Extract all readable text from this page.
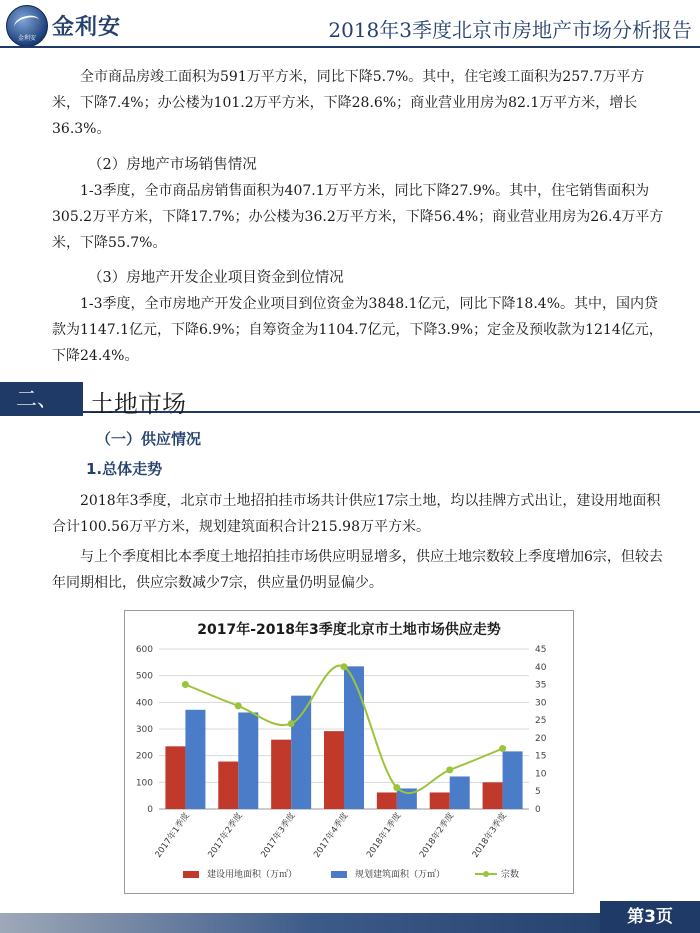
金利安 金利安	2018年3季度北京市房地产市场分析报告
全市商品房竣工面积为591万平方米，同比下降5.7%。其中，住宅竣工面积为257.7万平方米，下降7.4%；办公楼为101.2万平方米，下降28.6%；商业营业用房为82.1万平方米，增长36.3%。
（2）房地产市场销售情况
1-3季度，全市商品房销售面积为407.1万平方米，同比下降27.9%。其中，住宅销售面积为305.2万平方米，下降17.7%；办公楼为36.2万平方米，下降56.4%；商业营业用房为26.4万平方米，下降55.7%。
（3）房地产开发企业项目资金到位情况
1-3季度，全市房地产开发企业项目到位资金为3848.1亿元，同比下降18.4%。其中，国内贷款为1147.1亿元，下降6.9%；自筹资金为1104.7亿元，下降3.9%；定金及预收款为1214亿元，下降24.4%。
二、	土地市场
（一）供应情况
1.总体走势
2018年3季度，北京市土地招拍挂市场共计供应17宗土地，均以挂牌方式出让，建设用地面积合计100.56万平方米，规划建筑面积合计215.98万平方米。
与上个季度相比本季度土地招拍挂市场供应明显增多，供应土地宗数较上季度增加6宗，但较去年同期相比，供应宗数减少7宗，供应量仍明显偏少。
2017年-2018年3季度北京市土地市场供应走势
0
100
200
300
400
500
600
0
5
10
15
20
25
30
35
40
45
2017年1季度 2017年2季度 2017年3季度 2017年4季度 2018年1季度 2018年2季度 2018年3季度
建设用地面积（万㎡）	规划建筑面积（万㎡）	宗数
第3页
